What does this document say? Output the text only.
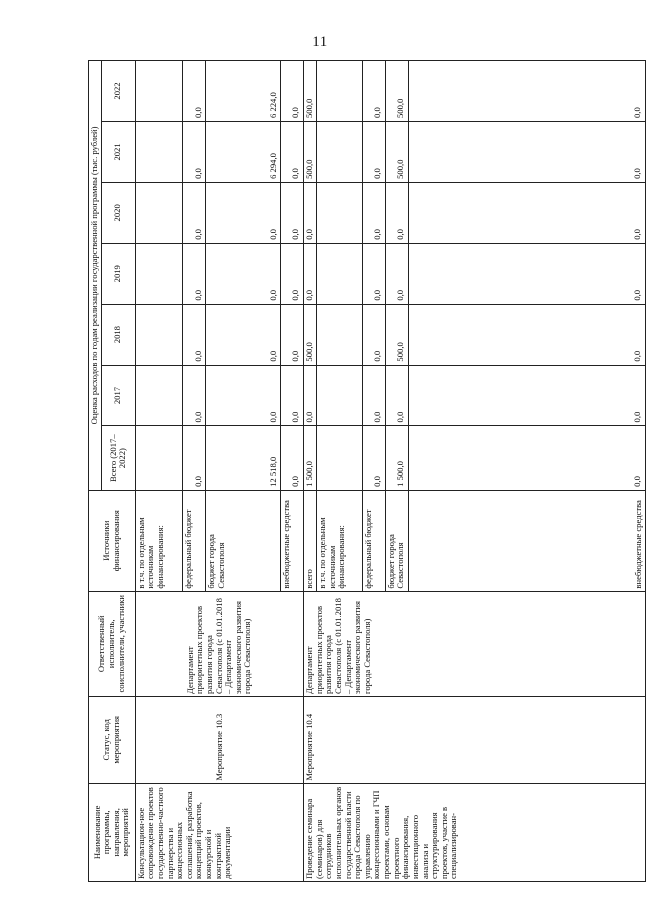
11
Наименование программы, направления, мероприятий	Статус, код мероприятия	Ответственный исполнитель, соисполнители, участники	Источники финансирования	Оценка расходов по годам реализации государственной программы (тыс. рублей)						
				Всего (2017–2022)	2017	2018	2019	2020	2021	2022
Консультацион-ное сопровождение проектов государственно-частного партнерства и концессионных соглашений, разработка концепций проектов, конкурсной и контрактной документации	Мероприятие 10.3	Департамент приоритетных проектов развития города Севастополя (с 01.01.2018 – Департамент экономического развития города Севастополя)	в т.ч. по отдельным источникам финансирования:							
			федеральный бюджет	0,0	0,0	0,0	0,0	0,0	0,0	0,0
			бюджет города Севастополя	12 518,0	0,0	0,0	0,0	0,0	6 294,0	6 224,0
			внебюджетные средства	0,0	0,0	0,0	0,0	0,0	0,0	0,0
Проведение семинара (семинаров) для сотрудников исполнительных органов государственной власти города Севастополя по управлению концессионными и ГЧП проектами, основам проектного финансирования, инвестиционного анализа и структурирования проектов, участие в специализирован-	Мероприятие 10.4	Департамент приоритетных проектов развития города Севастополя (с 01.01.2018 – Департамент экономического развития города Севастополя)	всего	1 500,0	0,0	500,0	0,0	0,0	500,0	500,0
			в т.ч. по отдельным источникам финансирования:							
			федеральный бюджет	0,0	0,0	0,0	0,0	0,0	0,0	0,0
			бюджет города Севастополя	1 500,0	0,0	500,0	0,0	0,0	500,0	500,0
			внебюджетные средства	0,0	0,0	0,0	0,0	0,0	0,0	0,0
